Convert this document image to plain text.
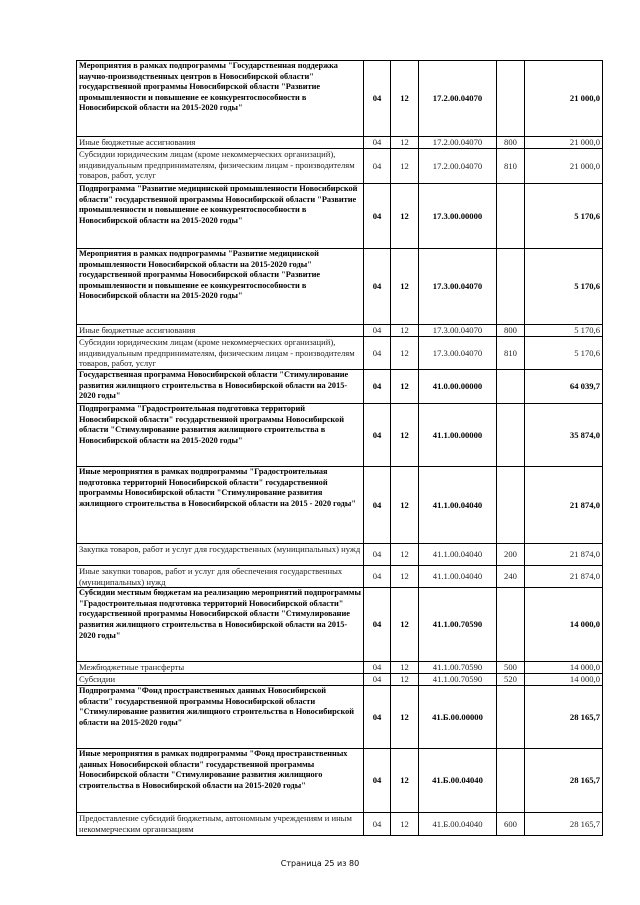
Мероприятия в рамках подпрограммы "Государственная поддержка научно-производственных центров в Новосибирской области" государственной программы Новосибирской области "Развитие промышленности и повышение ее конкурентоспособности в Новосибирской области на 2015-2020 годы"	04	12	17.2.00.04070		21 000,0
Иные бюджетные ассигнования	04	12	17.2.00.04070	800	21 000,0
Субсидии юридическим лицам (кроме некоммерческих организаций), индивидуальным предпринимателям, физическим лицам - производителям товаров, работ, услуг	04	12	17.2.00.04070	810	21 000,0
Подпрограмма "Развитие медицинской промышленности Новосибирской области" государственной программы Новосибирской области "Развитие промышленности и повышение ее конкурентоспособности в Новосибирской области на 2015-2020 годы"	04	12	17.3.00.00000		5 170,6
Мероприятия в рамках подпрограммы "Развитие медицинской промышленности Новосибирской области на 2015-2020 годы" государственной программы Новосибирской области "Развитие промышленности и повышение ее конкурентоспособности в Новосибирской области на 2015-2020 годы"	04	12	17.3.00.04070		5 170,6
Иные бюджетные ассигнования	04	12	17.3.00.04070	800	5 170,6
Субсидии юридическим лицам (кроме некоммерческих организаций), индивидуальным предпринимателям, физическим лицам - производителям товаров, работ, услуг	04	12	17.3.00.04070	810	5 170,6
Государственная программа Новосибирской области "Стимулирование развития жилищного строительства в Новосибирской области на 2015-2020 годы"	04	12	41.0.00.00000		64 039,7
Подпрограмма "Градостроительная подготовка территорий Новосибирской области" государственной программы Новосибирской области "Стимулирование развития жилищного строительства в Новосибирской области на 2015-2020 годы"	04	12	41.1.00.00000		35 874,0
Иные мероприятия в рамках подпрограммы "Градостроительная подготовка территорий Новосибирской области" государственной программы Новосибирской области "Стимулирование развития жилищного строительства в Новосибирской области на 2015 - 2020 годы"	04	12	41.1.00.04040		21 874,0
Закупка товаров, работ и услуг для государственных (муниципальных) нужд	04	12	41.1.00.04040	200	21 874,0
Иные закупки товаров, работ и услуг для обеспечения государственных (муниципальных) нужд	04	12	41.1.00.04040	240	21 874,0
Субсидии местным бюджетам на реализацию мероприятий подпрограммы "Градостроительная подготовка территорий Новосибирской области" государственной программы Новосибирской области "Стимулирование развития жилищного строительства в Новосибирской области на 2015-2020 годы"	04	12	41.1.00.70590		14 000,0
Межбюджетные трансферты	04	12	41.1.00.70590	500	14 000,0
Субсидии	04	12	41.1.00.70590	520	14 000,0
Подпрограмма "Фонд пространственных данных Новосибирской области" государственной программы Новосибирской области "Стимулирование развития жилищного строительства в Новосибирской области на 2015-2020 годы"	04	12	41.Б.00.00000		28 165,7
Иные мероприятия в рамках подпрограммы "Фонд пространственных данных Новосибирской области" государственной программы Новосибирской области "Стимулирование развития жилищного строительства в Новосибирской области на 2015-2020 годы"	04	12	41.Б.00.04040		28 165,7
Предоставление субсидий бюджетным, автономным учреждениям и иным некоммерческим организациям	04	12	41.Б.00.04040	600	28 165,7
Страница 25 из 80
